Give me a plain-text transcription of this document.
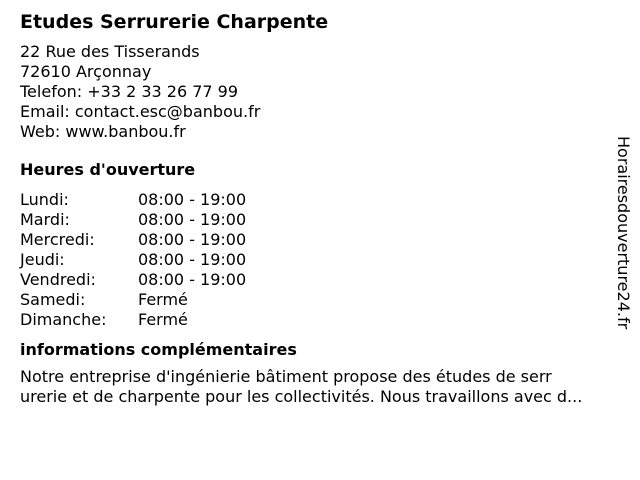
Etudes Serrurerie Charpente
22 Rue des Tisserands
72610 Arçonnay
Telefon: +33 2 33 26 77 99
Email: contact.esc@banbou.fr
Web: www.banbou.fr
Heures d'ouverture
Lundi:	08:00 - 19:00
Mardi:	08:00 - 19:00
Mercredi:	08:00 - 19:00
Jeudi:	08:00 - 19:00
Vendredi:	08:00 - 19:00
Samedi:	Fermé
Dimanche:	Fermé
informations complémentaires
Notre entreprise d'ingénierie bâtiment propose des études de serr
urerie et de charpente pour les collectivités. Nous travaillons avec d...
Horairesdouverture24.fr
